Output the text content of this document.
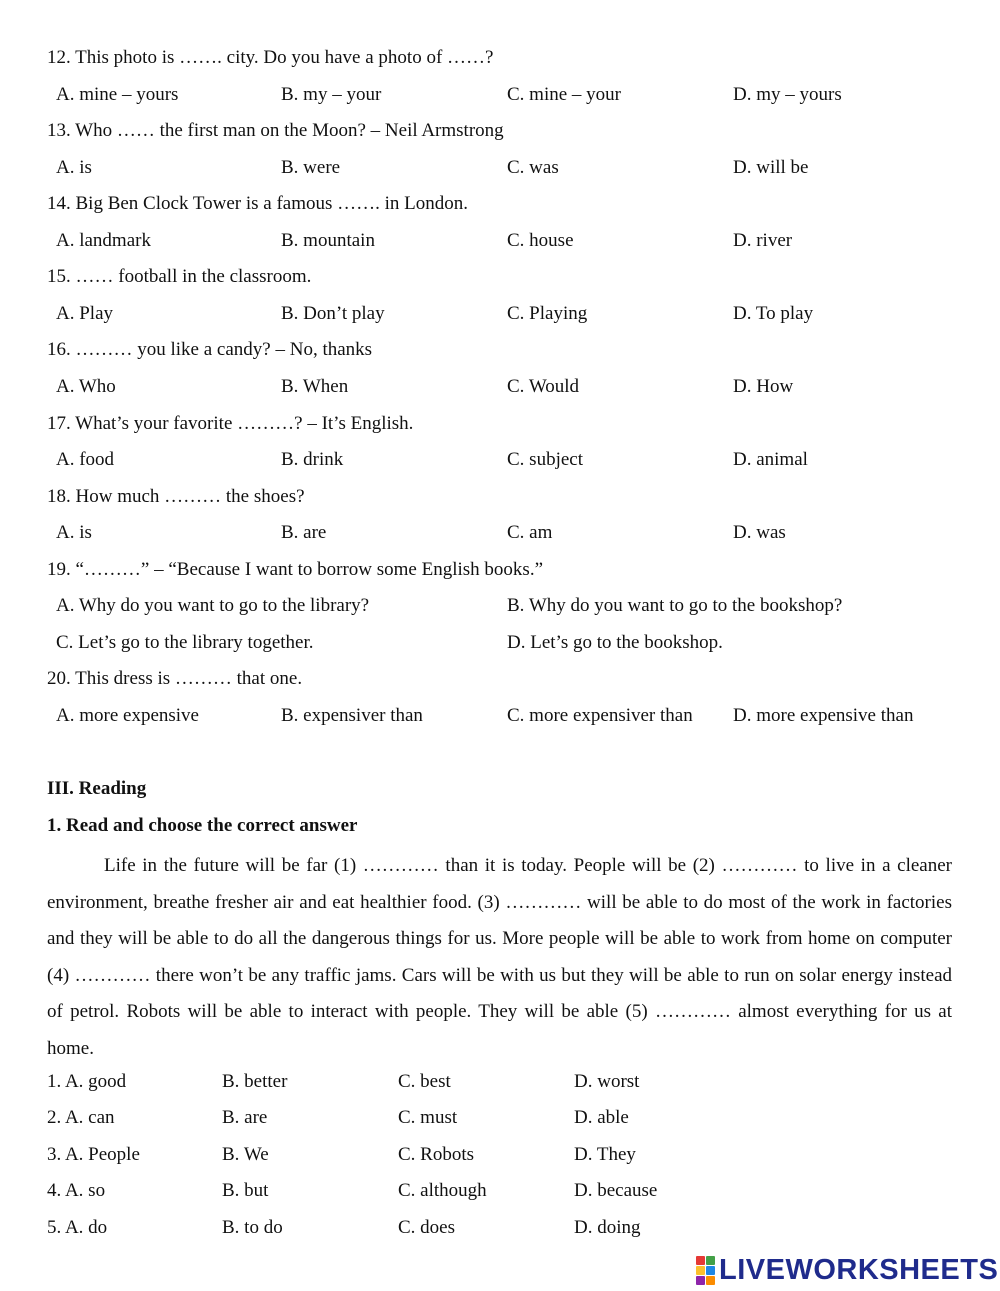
12. This photo is ……. city. Do you have a photo of ……?
A. mine – yours	B. my – your	C. mine – your	D. my – yours
13. Who …… the first man on the Moon? – Neil Armstrong
A. is	B. were	C. was	D. will be
14. Big Ben Clock Tower is a famous ……. in London.
A. landmark	B. mountain	C. house	D. river
15. …… football in the classroom.
A. Play	B. Don’t play	C. Playing	D. To play
16. ……… you like a candy? – No, thanks
A. Who	B. When	C. Would	D. How
17. What’s your favorite ………? – It’s English.
A. food	B. drink	C. subject	D. animal
18. How much ……… the shoes?
A. is	B. are	C. am	D. was
19. “………” – “Because I want to borrow some English books.”
A. Why do you want to go to the library?	B. Why do you want to go to the bookshop?
C. Let’s go to the library together.	D. Let’s go to the bookshop.
20. This dress is ……… that one.
A. more expensive	B. expensiver than	C. more expensiver than D. more expensive than
III. Reading
1. Read and choose the correct answer

Life in the future will be far (1) ………… than it is today. People will be (2) ………… to live in a cleaner environment, breathe fresher air and eat healthier food. (3) ………… will be able to do most of the work in factories and they will be able to do all the dangerous things for us. More people will be able to work from home on computer (4) ………… there won’t be any traffic jams. Cars will be with us but they will be able to run on solar energy instead of petrol. Robots will be able to interact with people. They will be able (5) ………… almost everything for us at home.

1. A. good	B. better	C. best	D. worst
2. A. can	B. are	C. must	D. able
3. A. People	B. We	C. Robots	D. They
4. A. so	B. but	C. although	D. because
5. A. do	B. to do	C. does	D. doing
LIVEWORKSHEETS
